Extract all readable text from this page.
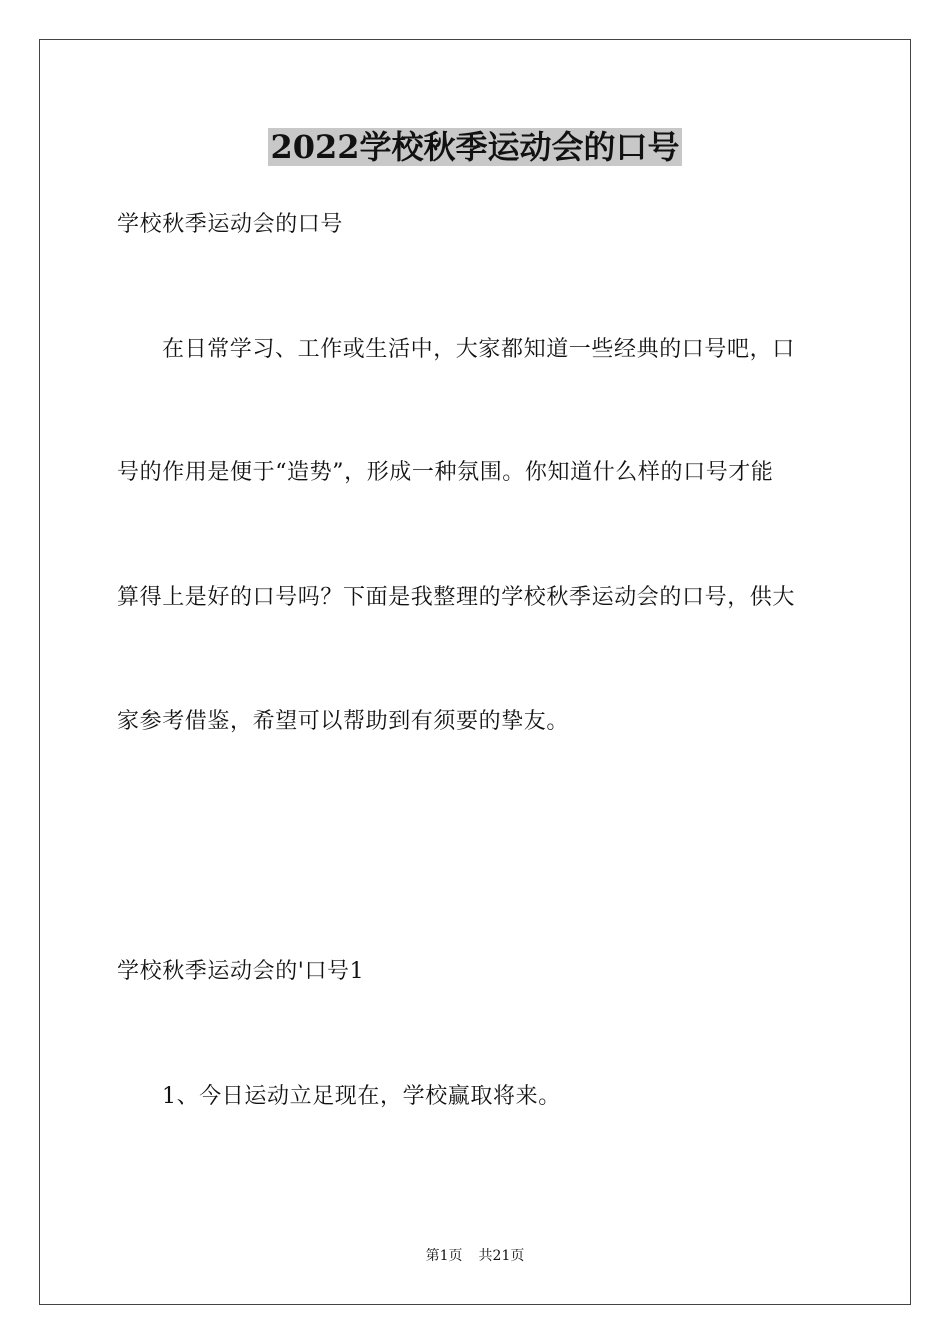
2022学校秋季运动会的口号

学校秋季运动会的口号

在日常学习、工作或生活中，大家都知道一些经典的口号吧，口

号的作用是便于“造势”，形成一种氛围。你知道什么样的口号才能

算得上是好的口号吗？下面是我整理的学校秋季运动会的口号，供大

家参考借鉴，希望可以帮助到有须要的挚友。

学校秋季运动会的'口号1

1、今日运动立足现在，学校赢取将来。

第1页 共21页
